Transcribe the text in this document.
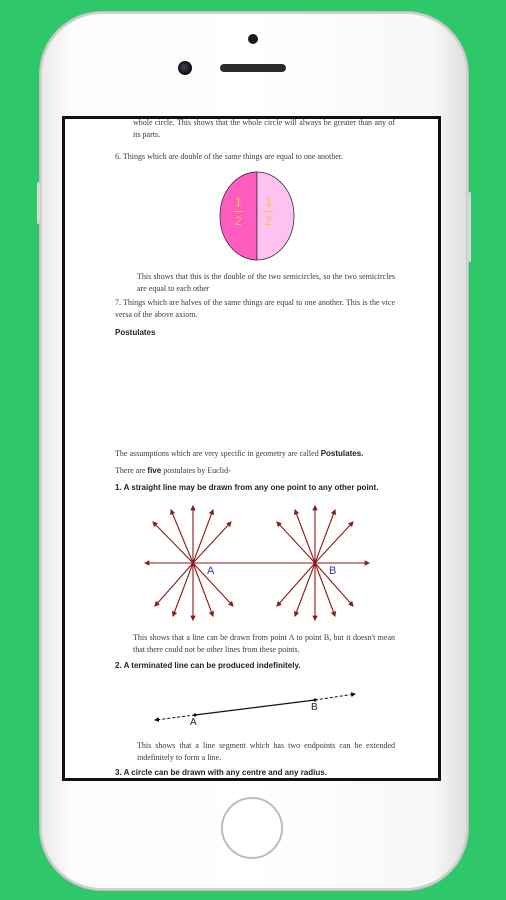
whole circle. This shows that the whole circle will always be greater than any of its parts.
6. Things which are double of the same things are equal to one another.
1
2
1
2
This shows that this is the double of the two semicircles, so the two semicircles are equal to each other
7. Things which are halves of the same things are equal to one another. This is the vice versa of the above axiom.
Postulates
The assumptions which are very specific in geometry are called Postulates.
There are five postulates by Euclid-
1. A straight line may be drawn from any one point to any other point.
A	B
This shows that a line can be drawn from point A to point B, but it doesn't mean that there could not be other lines from these points.
2. A terminated line can be produced indefinitely.
A
B
This shows that a line segment which has two endpoints can be extended indefinitely to form a line.
3. A circle can be drawn with any centre and any radius.
